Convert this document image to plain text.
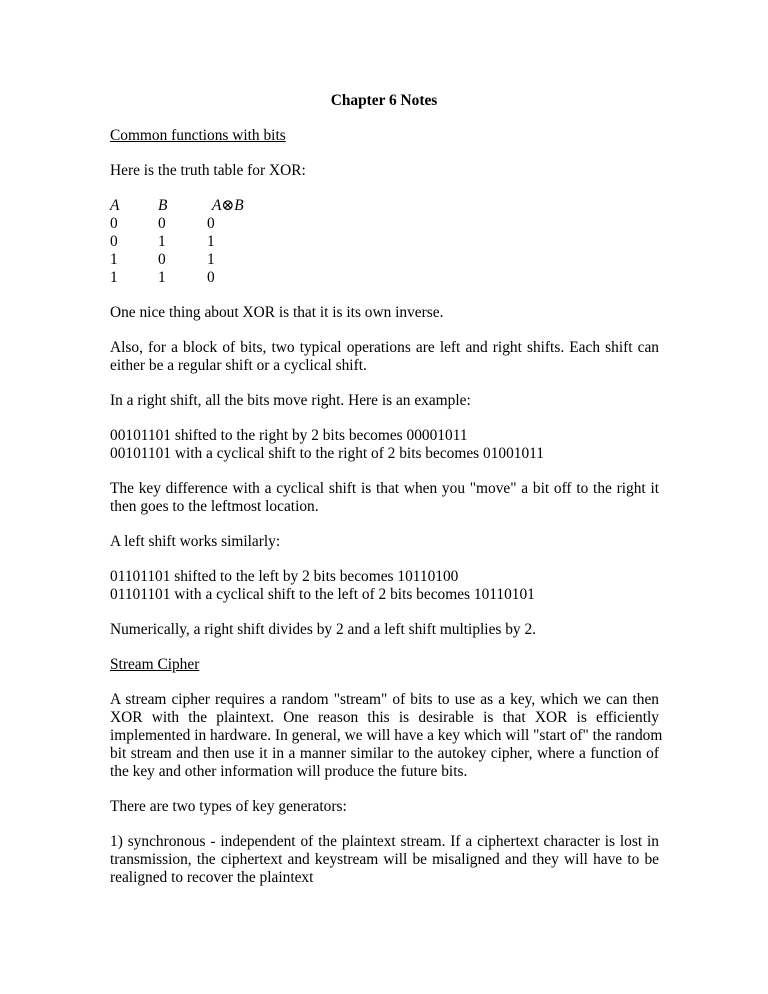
Chapter 6 Notes
Common functions with bits
Here is the truth table for XOR:
A	B	A⊗B
0	0	0
0	1	1
1	0	1
1	1	0
One nice thing about XOR is that it is its own inverse.
Also, for a block of bits, two typical operations are left and right shifts. Each shift can
either be a regular shift or a cyclical shift.
In a right shift, all the bits move right. Here is an example:
00101101 shifted to the right by 2 bits becomes 00001011
00101101 with a cyclical shift to the right of 2 bits becomes 01001011
The key difference with a cyclical shift is that when you "move" a bit off to the right it
then goes to the leftmost location.
A left shift works similarly:
01101101 shifted to the left by 2 bits becomes 10110100
01101101 with a cyclical shift to the left of 2 bits becomes 10110101
Numerically, a right shift divides by 2 and a left shift multiplies by 2.
Stream Cipher
A stream cipher requires a random "stream" of bits to use as a key, which we can then
XOR with the plaintext. One reason this is desirable is that XOR is efficiently
implemented in hardware. In general, we will have a key which will "start of" the random
bit stream and then use it in a manner similar to the autokey cipher, where a function of
the key and other information will produce the future bits.
There are two types of key generators:
1) synchronous - independent of the plaintext stream. If a ciphertext character is lost in
transmission, the ciphertext and keystream will be misaligned and they will have to be
realigned to recover the plaintext
